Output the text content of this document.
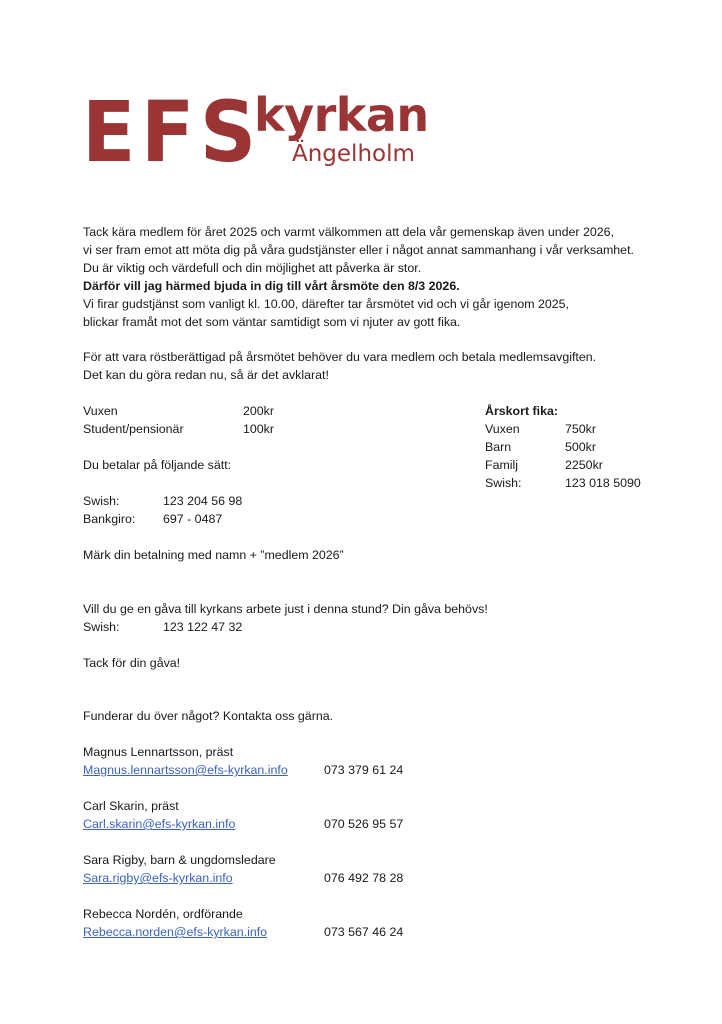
EFS
kyrkan
Ängelholm
Tack kära medlem för året 2025 och varmt välkommen att dela vår gemenskap även under 2026,
vi ser fram emot att möta dig på våra gudstjänster eller i något annat sammanhang i vår verksamhet.
Du är viktig och värdefull och din möjlighet att påverka är stor.
Därför vill jag härmed bjuda in dig till vårt årsmöte den 8/3 2026.
Vi firar gudstjänst som vanligt kl. 10.00, därefter tar årsmötet vid och vi går igenom 2025,
blickar framåt mot det som väntar samtidigt som vi njuter av gott fika.
För att vara röstberättigad på årsmötet behöver du vara medlem och betala medlemsavgiften.
Det kan du göra redan nu, så är det avklarat!
Vuxen	200kr
Student/pensionär	100kr
Du betalar på följande sätt:
Swish:	123 204 56 98
Bankgiro: 697 - 0487
Märk din betalning med namn + ”medlem 2026”
Årskort fika:
Vuxen	750kr
Barn	500kr
Familj	2250kr
Swish:	123 018 5090
Vill du ge en gåva till kyrkans arbete just i denna stund? Din gåva behövs!
Swish:	123 122 47 32
Tack för din gåva!
Funderar du över något? Kontakta oss gärna.
Magnus Lennartsson, präst
Magnus.lennartsson@efs-kyrkan.info	073 379 61 24
Carl Skarin, präst
Carl.skarin@efs-kyrkan.info	070 526 95 57
Sara Rigby, barn & ungdomsledare
Sara.rigby@efs-kyrkan.info	076 492 78 28
Rebecca Nordén, ordförande
Rebecca.norden@efs-kyrkan.info	073 567 46 24
